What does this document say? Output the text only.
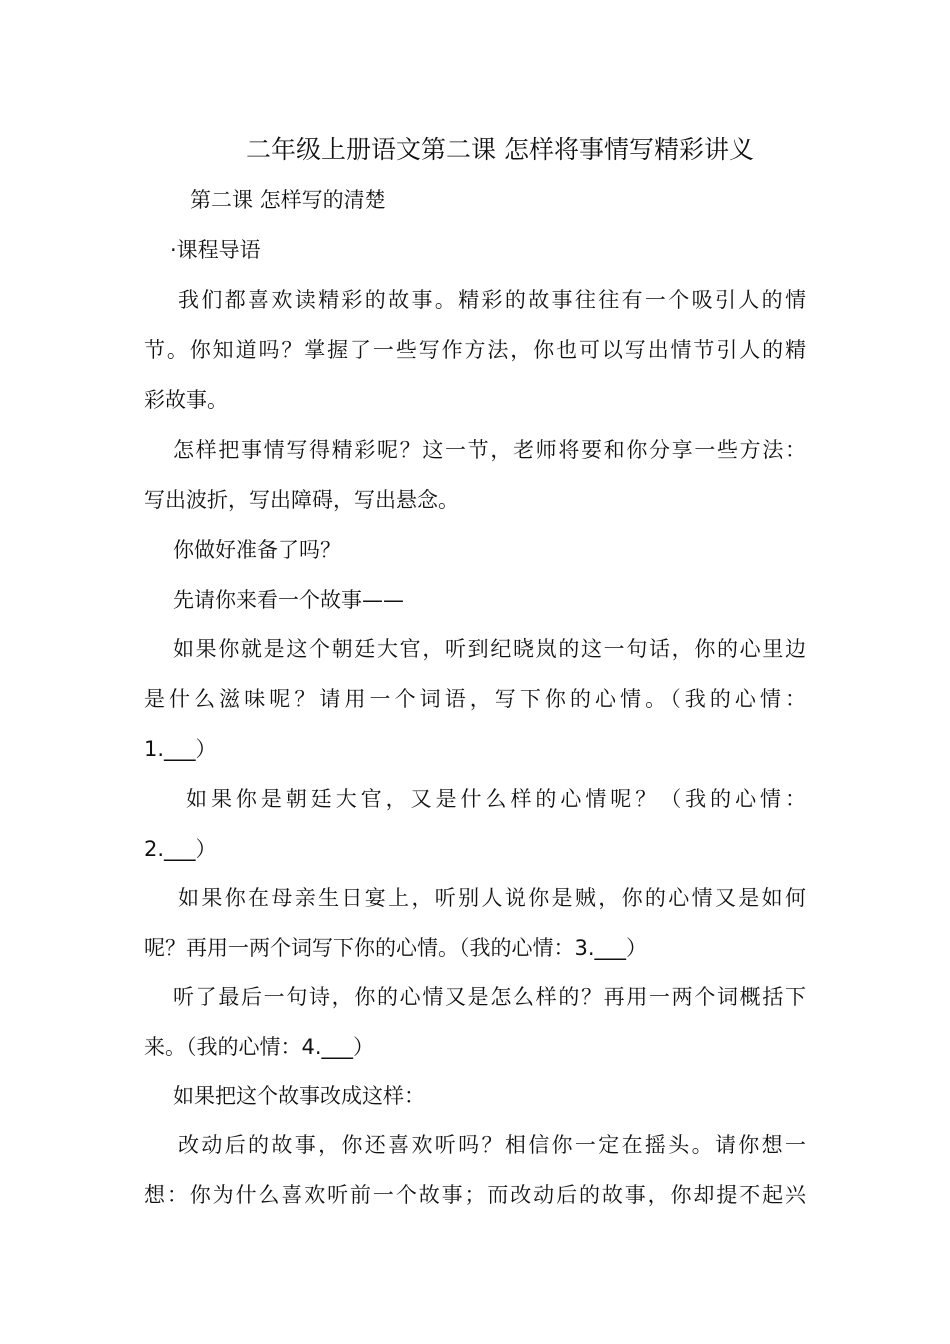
二年级上册语文第二课 怎样将事情写精彩讲义
第二课 怎样写的清楚
·课程导语
我们都喜欢读精彩的故事。精彩的故事往往有一个吸引人的情
节。你知道吗？掌握了一些写作方法，你也可以写出情节引人的精
彩故事。
怎样把事情写得精彩呢？这一节，老师将要和你分享一些方法：
写出波折，写出障碍，写出悬念。
你做好准备了吗？
先请你来看一个故事——
如果你就是这个朝廷大官，听到纪晓岚的这一句话，你的心里边
是什么滋味呢？请用一个词语，写下你的心情。（我的心情：
1.___）
如果你是朝廷大官，又是什么样的心情呢？（我的心情：
2.___）
如果你在母亲生日宴上，听别人说你是贼，你的心情又是如何
呢？再用一两个词写下你的心情。（我的心情：3.___）
听了最后一句诗，你的心情又是怎么样的？再用一两个词概括下
来。（我的心情：4.___）
如果把这个故事改成这样：
改动后的故事，你还喜欢听吗？相信你一定在摇头。请你想一
想：你为什么喜欢听前一个故事；而改动后的故事，你却提不起兴
